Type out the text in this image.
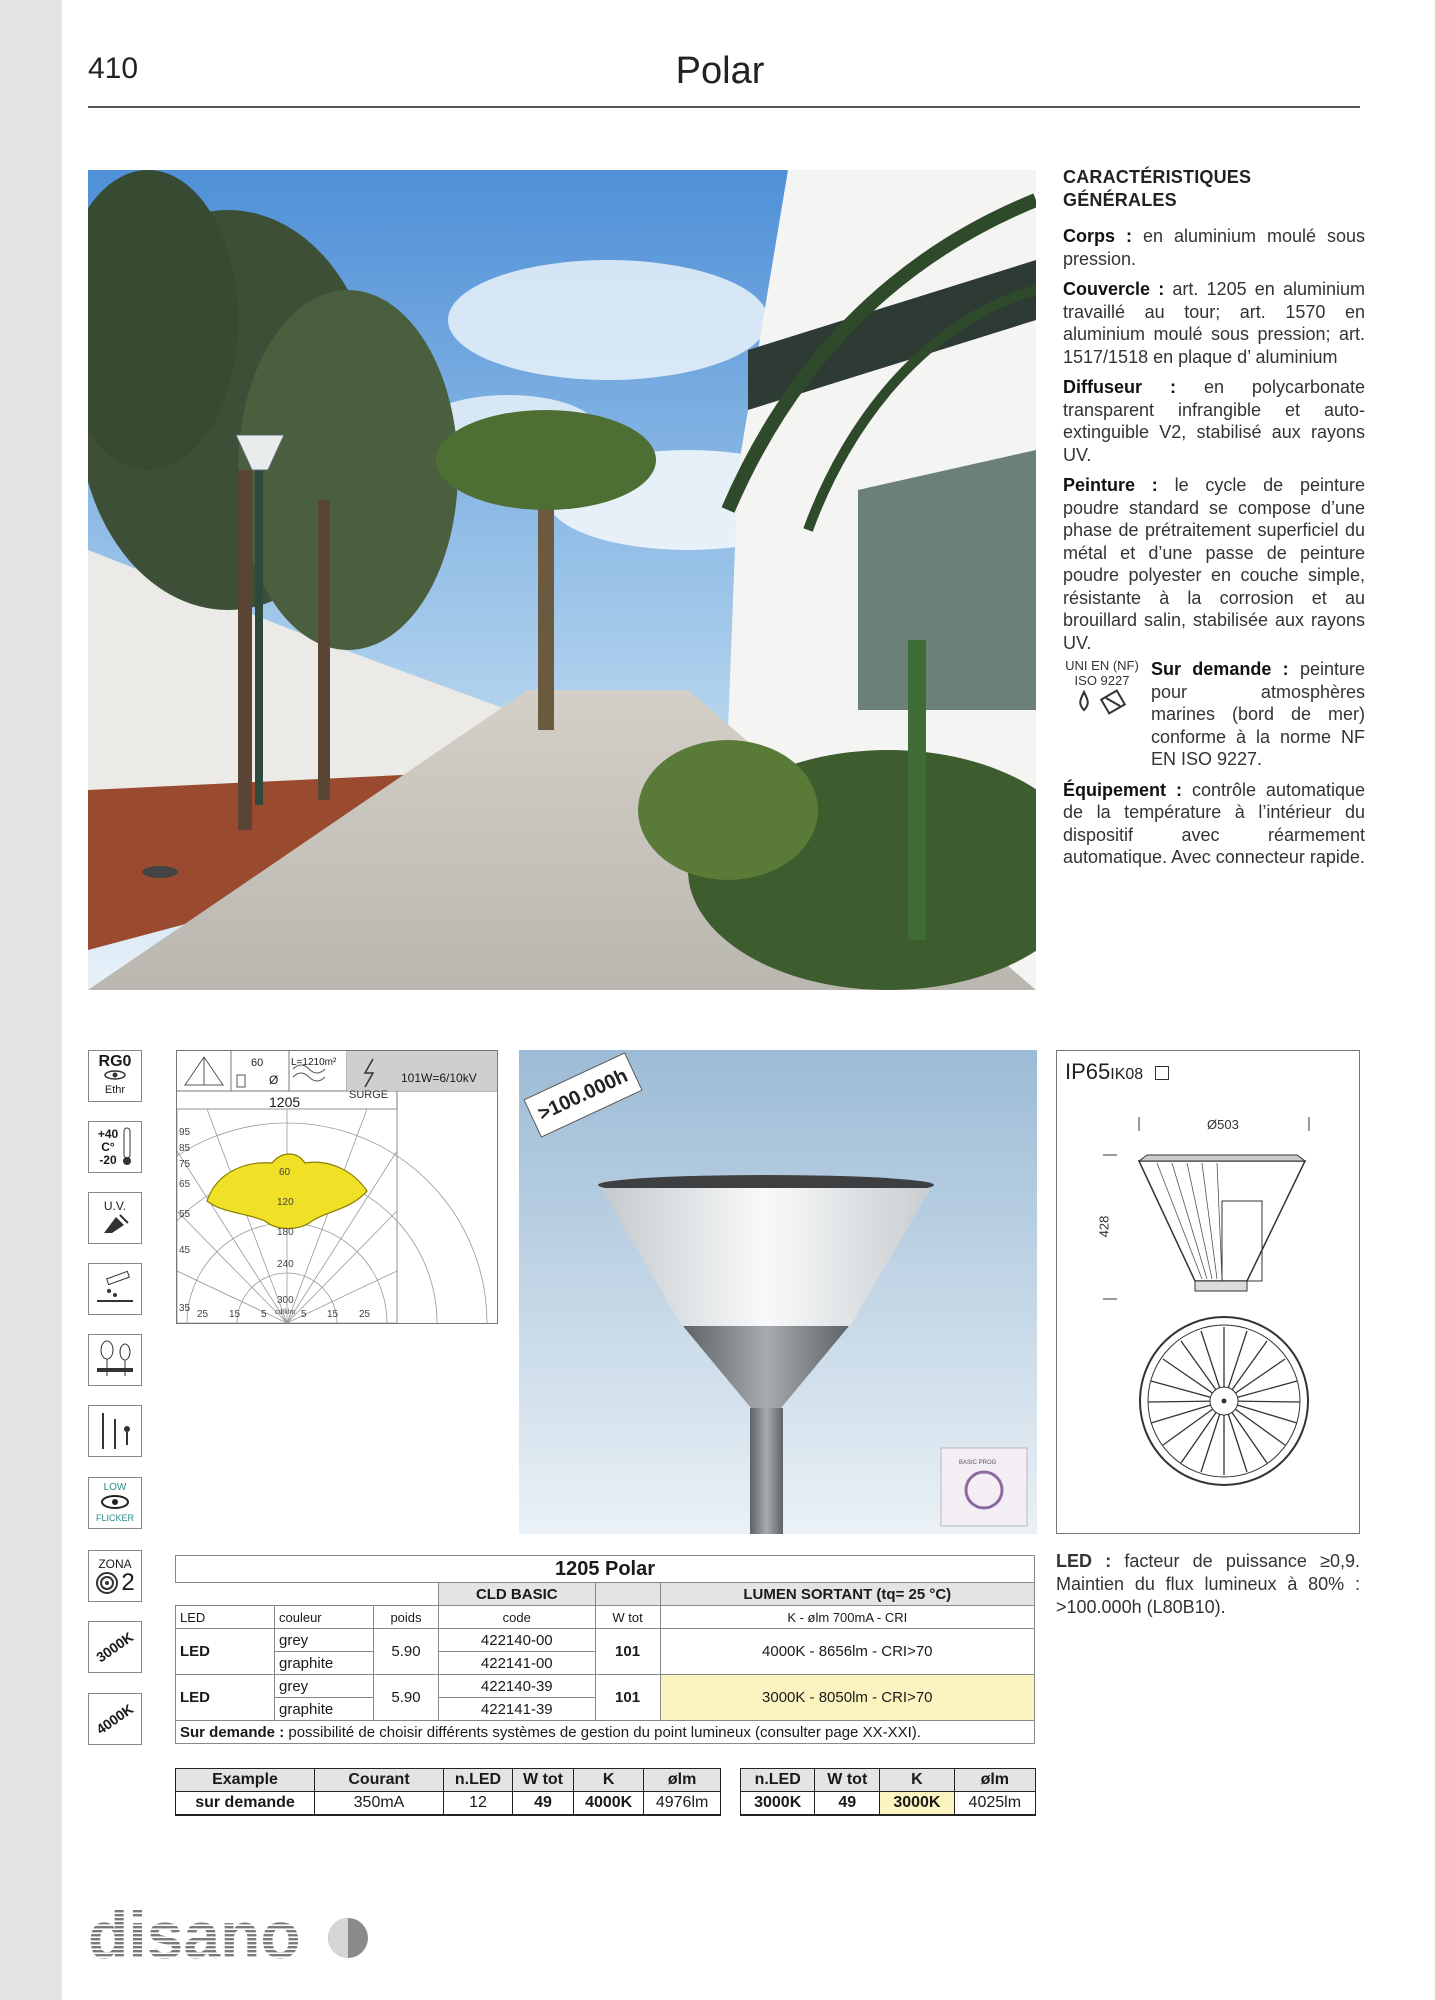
410	Polar
CARACTÉRISTIQUES GÉNÉRALES

Corps : en aluminium moulé sous pression.

Couvercle : art. 1205 en aluminium travaillé au tour; art. 1570 en aluminium moulé sous pression; art. 1517/1518 en plaque d’ aluminium

Diffuseur : en polycarbonate transparent infrangible et auto-extinguible V2, stabilisé aux rayons UV.

Peinture : le cycle de peinture poudre standard se compose d’une phase de prétraitement superficiel du métal et d’une passe de peinture poudre polyester en couche simple, résistante à la corrosion et au brouillard salin, stabilisée aux rayons UV.

UNI EN (NF)
ISO 9227
Sur demande : peinture pour atmosphères marines (bord de mer) conforme à la norme NF EN ISO 9227.

Équipement : contrôle automatique de la température à l’intérieur du dispositif avec réarmement automatique. Avec connecteur rapide.

RG0
Ethr
+40
C°
-20
U.V.
LOW
FLICKER
ZONA
2
3000K
4000K
60	L=1210m²
Ø
SURGE
101W=6/10kV
1205
95
85
75
65
55
45
35
25 15 5	5 15 25
60
120
180
240
300
cd/klm
>100.000h
BASIC PROG
IP65IK08
Ø503
428
LED : facteur de puissance ≥0,9. Maintien du flux lumineux à 80% : >100.000h (L80B10).
1205 Polar					
			CLD BASIC		LUMEN SORTANT (tq= 25 °C)
LED	couleur	poids	code	W tot	K - ølm 700mA - CRI
LED	grey	5.90	422140-00	101	4000K - 8656lm - CRI>70
	graphite		422141-00		
LED	grey	5.90	422140-39	101	3000K - 8050lm - CRI>70
	graphite		422141-39		
Sur demande : possibilité de choisir différents systèmes de gestion du point lumineux (consulter page XX-XXI).					
Example	Courant	n.LED	W tot	K	ølm
sur demande	350mA	12	49	4000K	4976lm
n.LED	W tot	K	ølm
3000K	49	3000K	4025lm
disano
